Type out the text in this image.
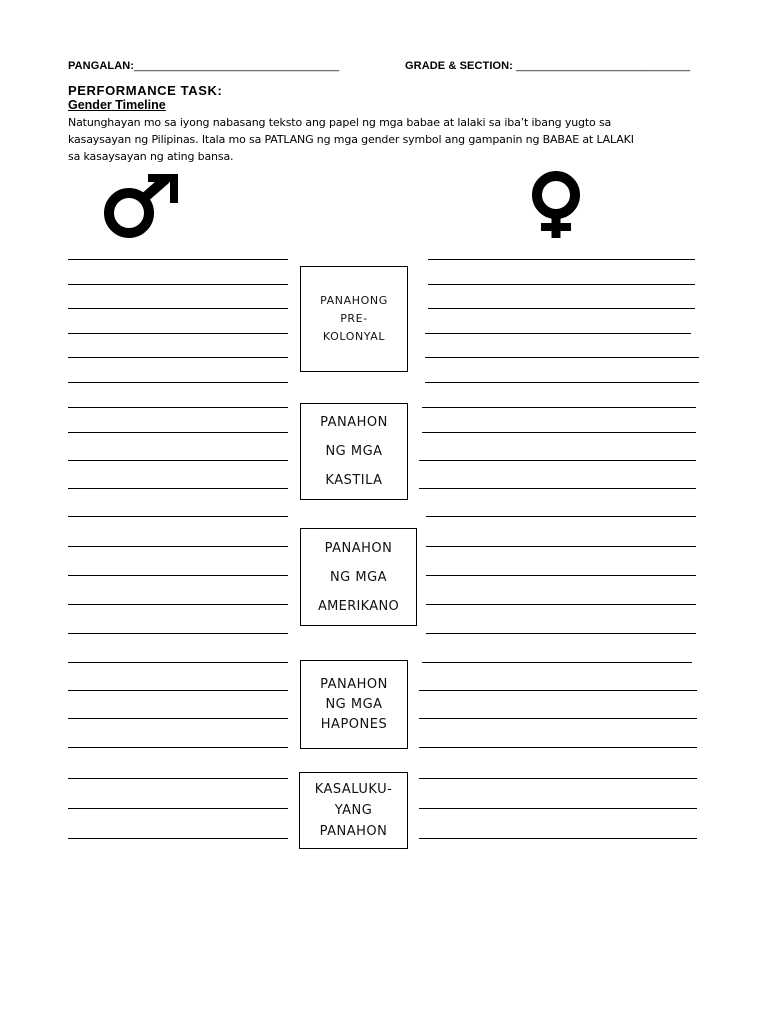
PANGALAN:_________________________________	GRADE & SECTION: ____________________________
PERFORMANCE TASK:
Gender Timeline
Natunghayan mo sa iyong nabasang teksto ang papel ng mga babae at lalaki sa iba’t ibang yugto sa
kasaysayan ng Pilipinas. Itala mo sa PATLANG ng mga gender symbol ang gampanin ng BABAE at LALAKI
sa kasaysayan ng ating bansa.
PANAHONG
PRE-
KOLONYAL
PANAHON
NG MGA
KASTILA
PANAHON
NG MGA
AMERIKANO
PANAHON
NG MGA
HAPONES
KASALUKU-
YANG
PANAHON
